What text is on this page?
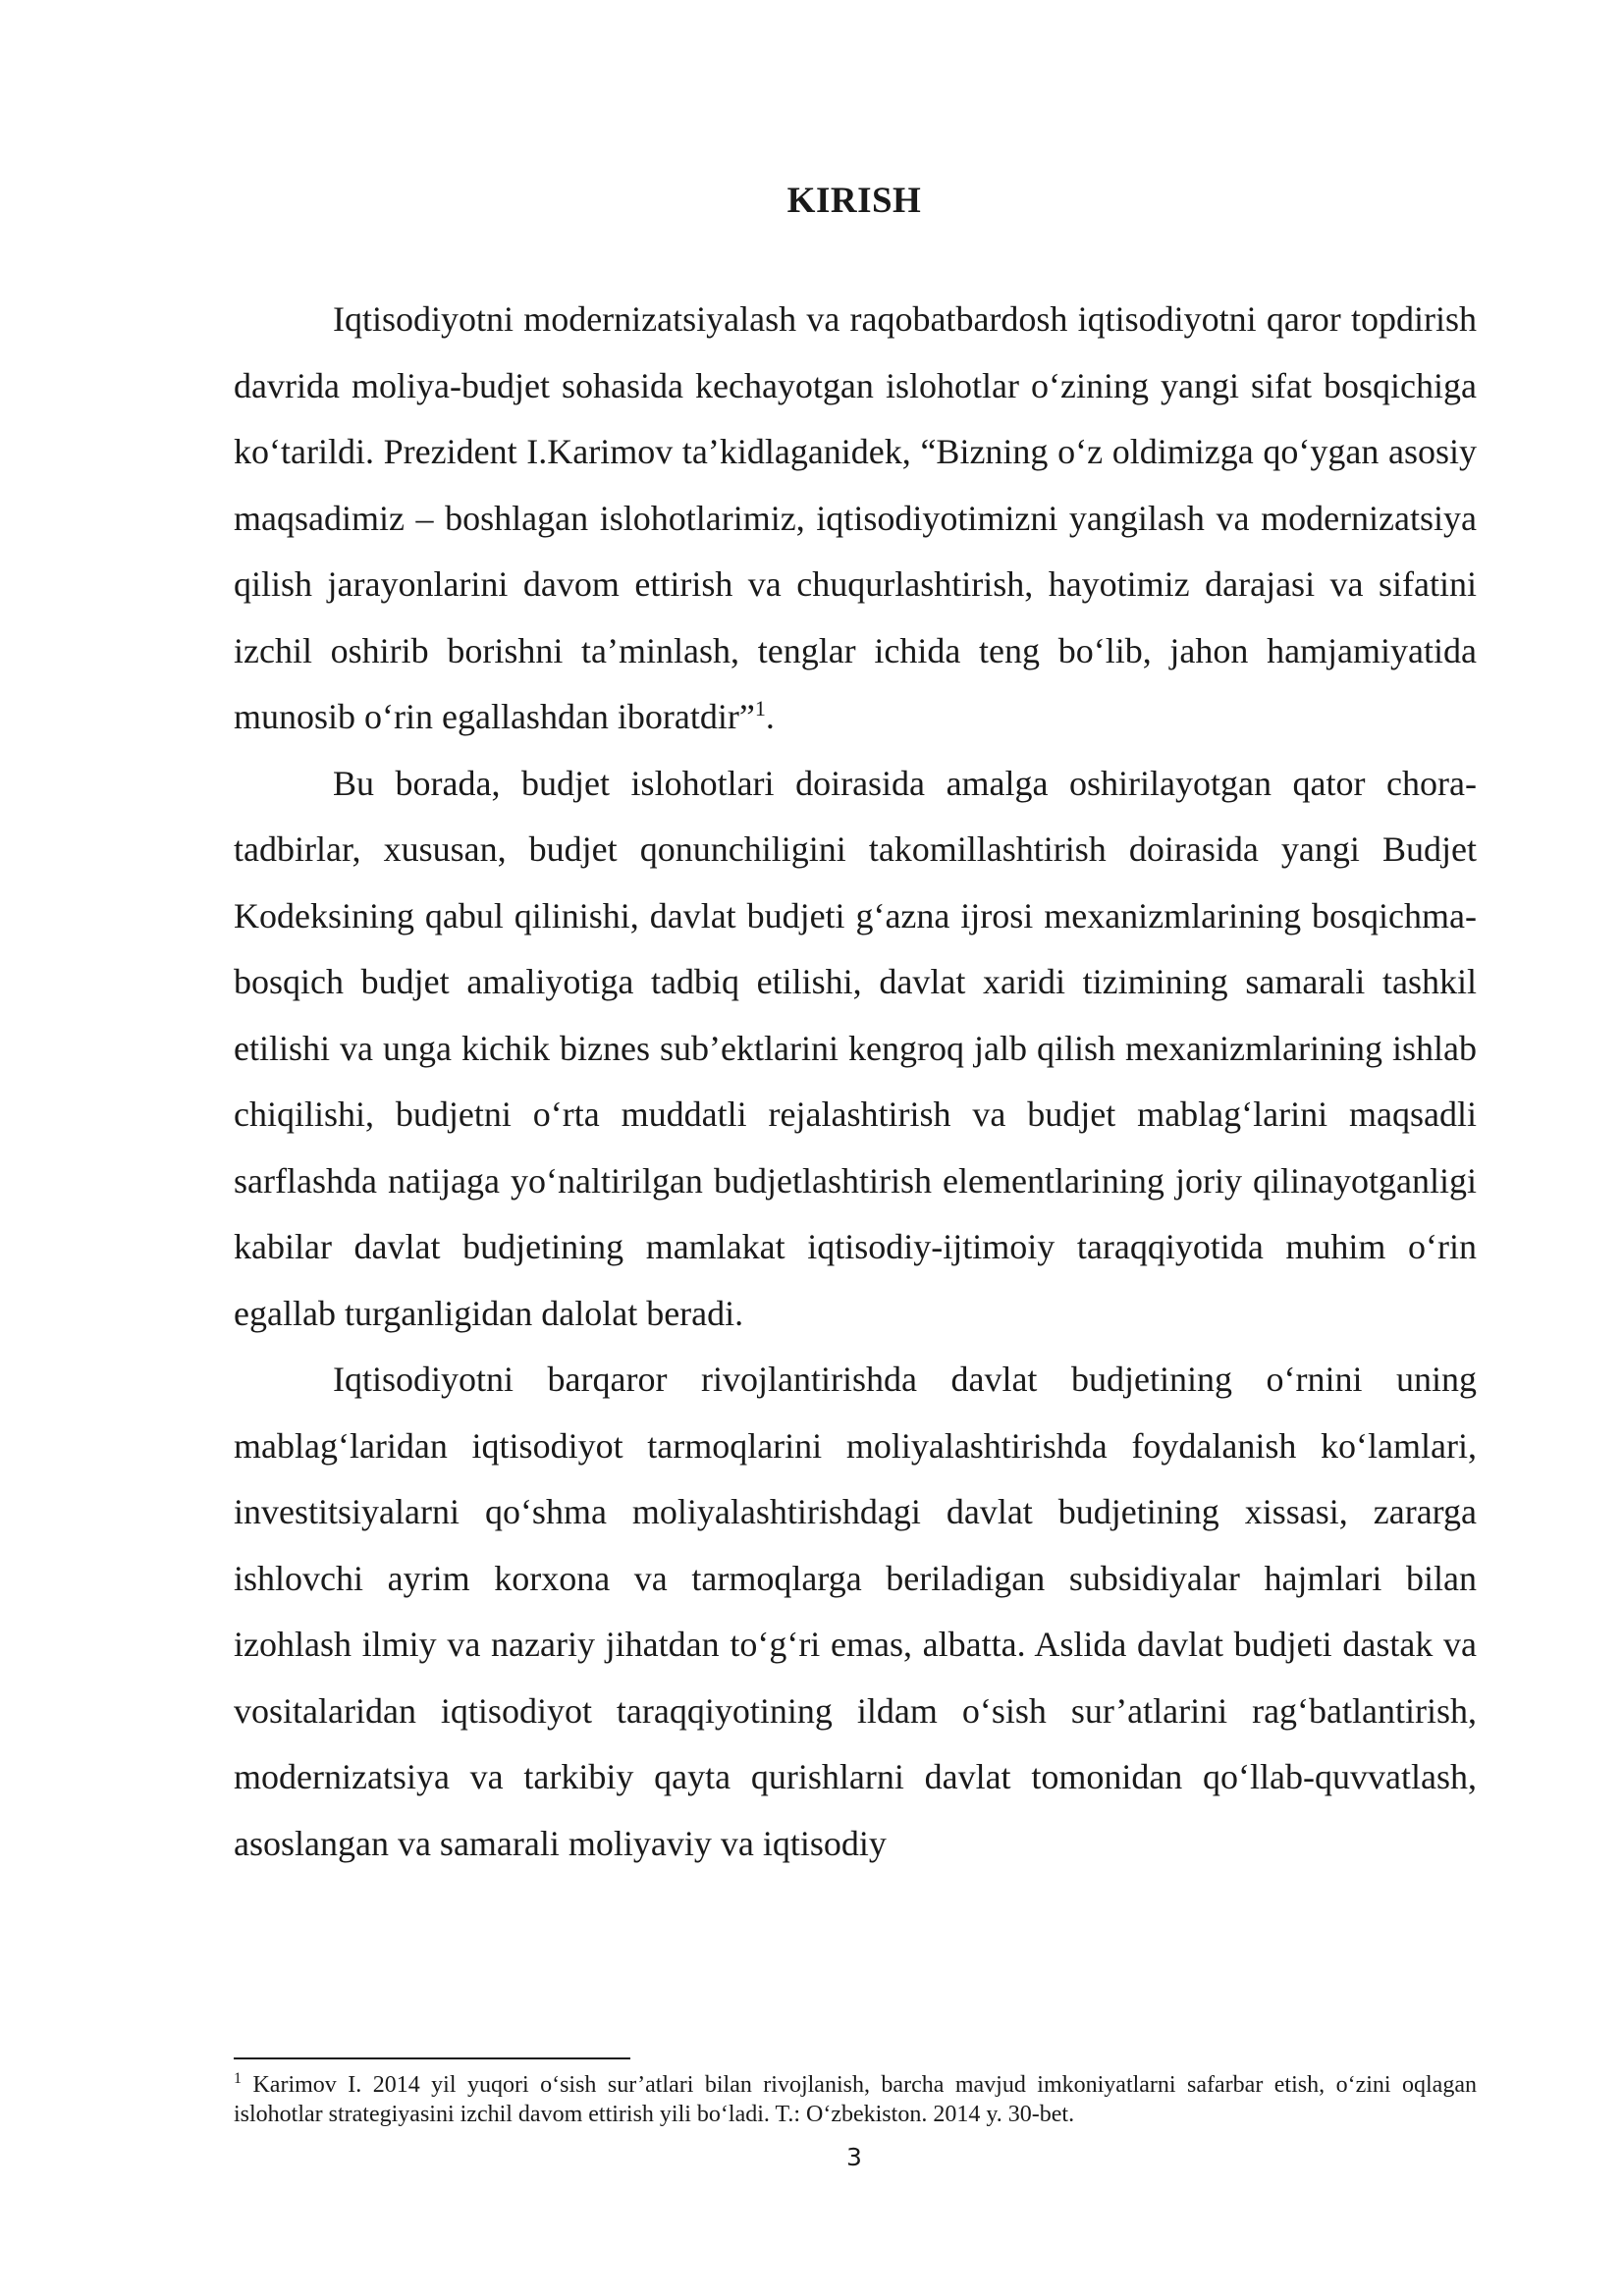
KIRISH

Iqtisodiyotni modernizatsiyalash va raqobatbardosh iqtisodiyotni qaror topdirish davrida moliya-budjet sohasida kechayotgan islohotlar o‘zining yangi sifat bosqichiga ko‘tarildi. Prezident I.Karimov ta’kidlaganidek, “Bizning o‘z oldimizga qo‘ygan asosiy maqsadimiz – boshlagan islohotlarimiz, iqtisodiyotimizni yangilash va modernizatsiya qilish jarayonlarini davom ettirish va chuqurlashtirish, hayotimiz darajasi va sifatini izchil oshirib borishni ta’minlash, tenglar ichida teng bo‘lib, jahon hamjamiyatida munosib o‘rin egallashdan iboratdir”$^1$.

Bu borada, budjet islohotlari doirasida amalga oshirilayotgan qator chora-tadbirlar, xususan, budjet qonunchiligini takomillashtirish doirasida yangi Budjet Kodeksining qabul qilinishi, davlat budjeti g‘azna ijrosi mexanizmlarining bosqichma-bosqich budjet amaliyotiga tadbiq etilishi, davlat xaridi tizimining samarali tashkil etilishi va unga kichik biznes sub’ektlarini kengroq jalb qilish mexanizmlarining ishlab chiqilishi, budjetni o‘rta muddatli rejalashtirish va budjet mablag‘larini maqsadli sarflashda natijaga yo‘naltirilgan budjetlashtirish elementlarining joriy qilinayotganligi kabilar davlat budjetining mamlakat iqtisodiy-ijtimoiy taraqqiyotida muhim o‘rin egallab turganligidan dalolat beradi.

Iqtisodiyotni barqaror rivojlantirishda davlat budjetining o‘rnini uning mablag‘laridan iqtisodiyot tarmoqlarini moliyalashtirishda foydalanish ko‘lamlari, investitsiyalarni qo‘shma moliyalashtirishdagi davlat budjetining xissasi, zararga ishlovchi ayrim korxona va tarmoqlarga beriladigan subsidiyalar hajmlari bilan izohlash ilmiy va nazariy jihatdan to‘g‘ri emas, albatta. Aslida davlat budjeti dastak va vositalaridan iqtisodiyot taraqqiyotining ildam o‘sish sur’atlarini rag‘batlantirish, modernizatsiya va tarkibiy qayta qurishlarni davlat tomonidan qo‘llab-quvvatlash, asoslangan va samarali moliyaviy va iqtisodiy

$^1$ Karimov I. 2014 yil yuqori o‘sish sur’atlari bilan rivojlanish, barcha mavjud imkoniyatlarni safarbar etish, o‘zini oqlagan islohotlar strategiyasini izchil davom ettirish yili bo‘ladi. T.: O‘zbekiston. 2014 y. 30-bet.

3
